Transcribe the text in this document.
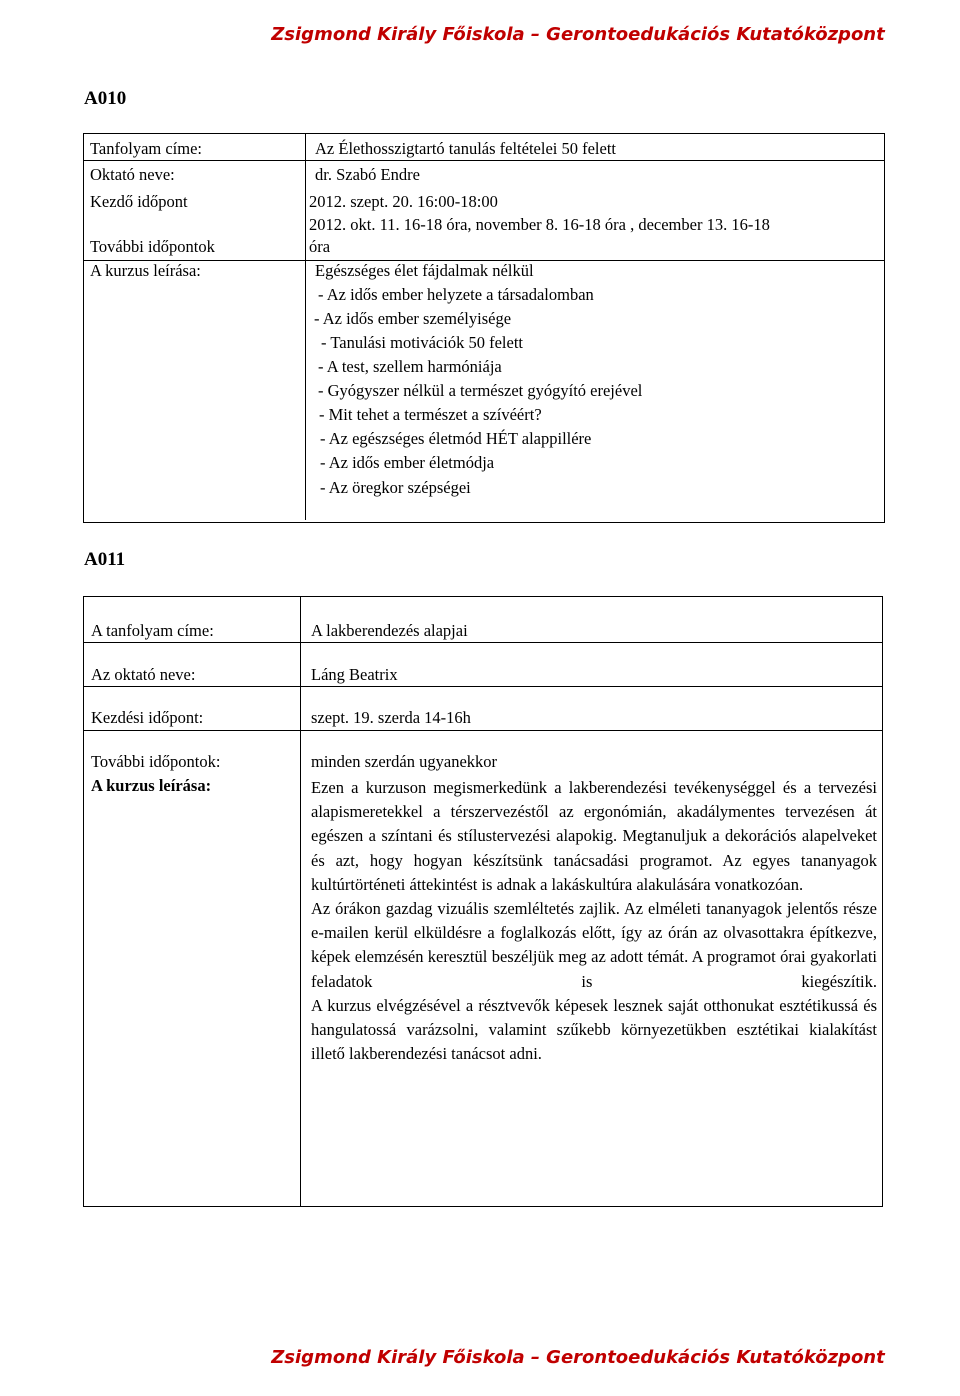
Zsigmond Király Főiskola – Gerontoedukációs Kutatóközpont
A010
Tanfolyam címe:	Az Élethosszigtartó tanulás feltételei 50 felett
Oktató neve:	dr. Szabó Endre
Kezdő időpont	2012. szept. 20. 16:00-18:00
2012. okt. 11. 16-18 óra, november 8. 16-18 óra , december 13. 16-18
További időpontok	óra
A kurzus leírása:	Egészséges élet fájdalmak nélkül
- Az idős ember helyzete a társadalomban
- Az idős ember személyisége
- Tanulási motivációk 50 felett
- A test, szellem harmóniája
- Gyógyszer nélkül a természet gyógyító erejével
- Mit tehet a természet a szívéért?
- Az egészséges életmód HÉT alappillére
- Az idős ember életmódja
- Az öregkor szépségei
A011
A tanfolyam címe:	A lakberendezés alapjai
Az oktató neve:	Láng Beatrix
Kezdési időpont:	szept. 19. szerda 14-16h
További időpontok:	minden szerdán ugyanekkor
A kurzus leírása:	Ezen a kurzuson megismerkedünk a lakberendezési tevékenységgel és a tervezési alapismeretekkel a térszervezéstől az ergonómián, akadálymentes tervezésen át egészen a színtani és stílustervezési alapokig. Megtanuljuk a dekorációs alapelveket és azt, hogy hogyan készítsünk tanácsadási programot. Az egyes tananyagok kultúrtörténeti áttekintést is adnak a lakáskultúra alakulására vonatkozóan.

Az órákon gazdag vizuális szemléltetés zajlik. Az elméleti tananyagok jelentős része e-mailen kerül elküldésre a foglalkozás előtt, így az órán az olvasottakra építkezve, képek elemzésén keresztül beszéljük meg az adott témát. A programot órai gyakorlati feladatok is kiegészítik.

A kurzus elvégzésével a résztvevők képesek lesznek saját otthonukat esztétikussá és hangulatossá varázsolni, valamint szűkebb környezetükben esztétikai kialakítást illető lakberendezési tanácsot adni.

Zsigmond Király Főiskola – Gerontoedukációs Kutatóközpont
